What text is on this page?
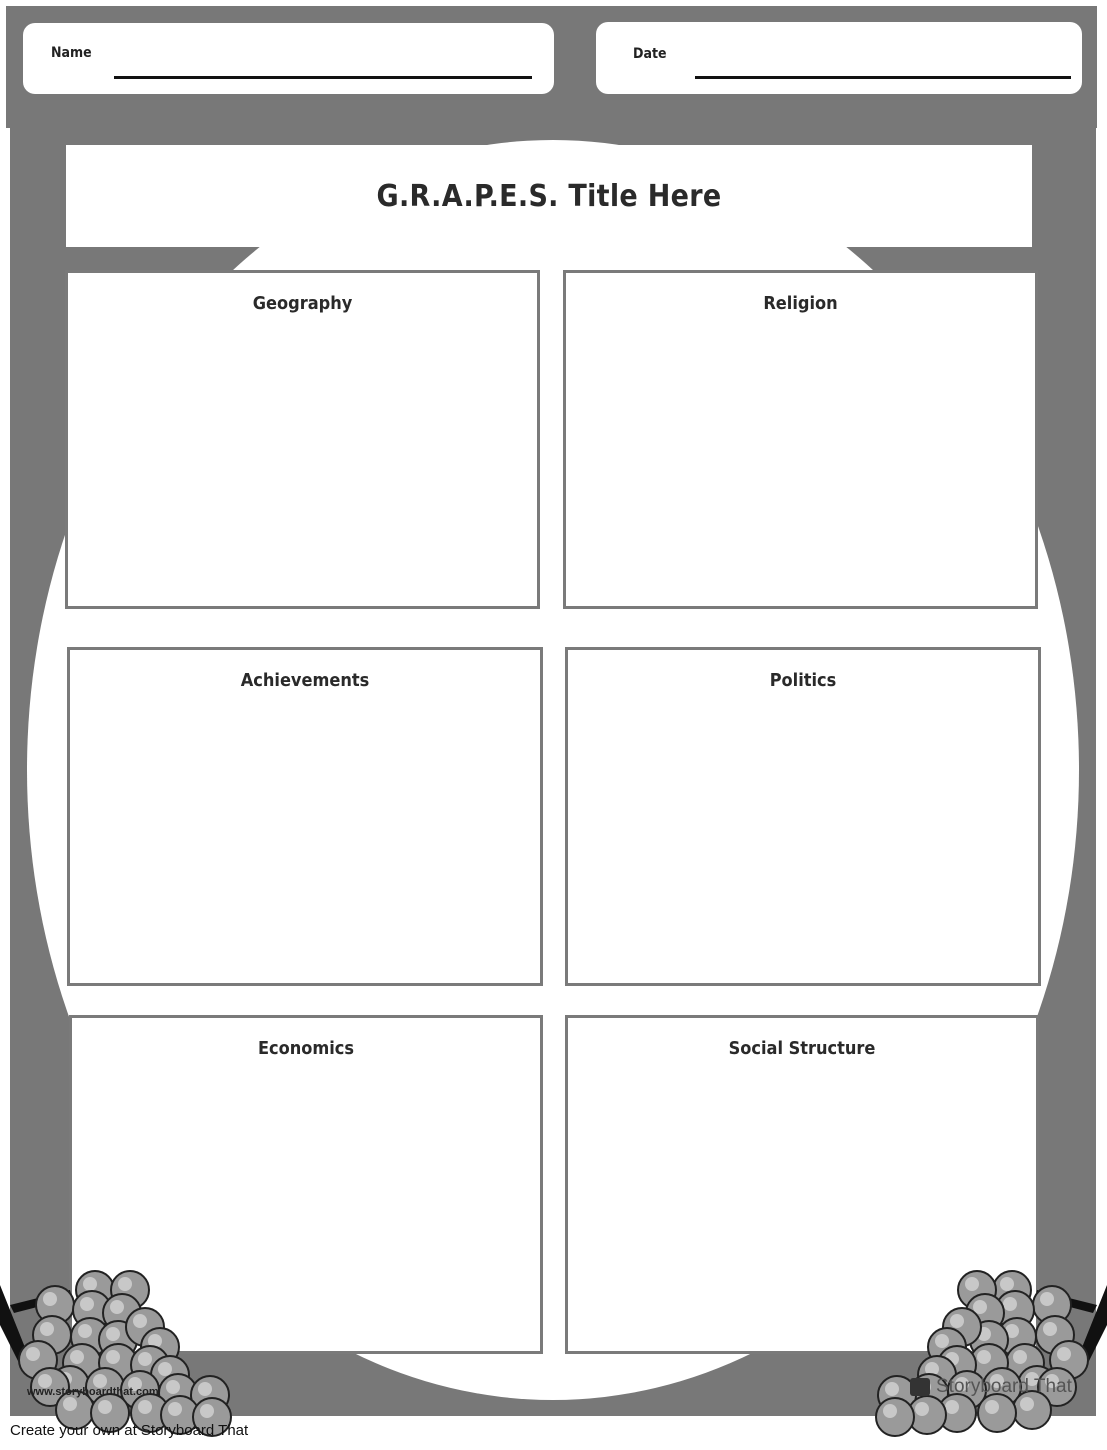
Name	Date
G.R.A.P.E.S. Title Here
Geography	Religion
Achievements	Politics
Economics	Social Structure
www.storyboardthat.com	Storyboard That
Create your own at Storyboard That
